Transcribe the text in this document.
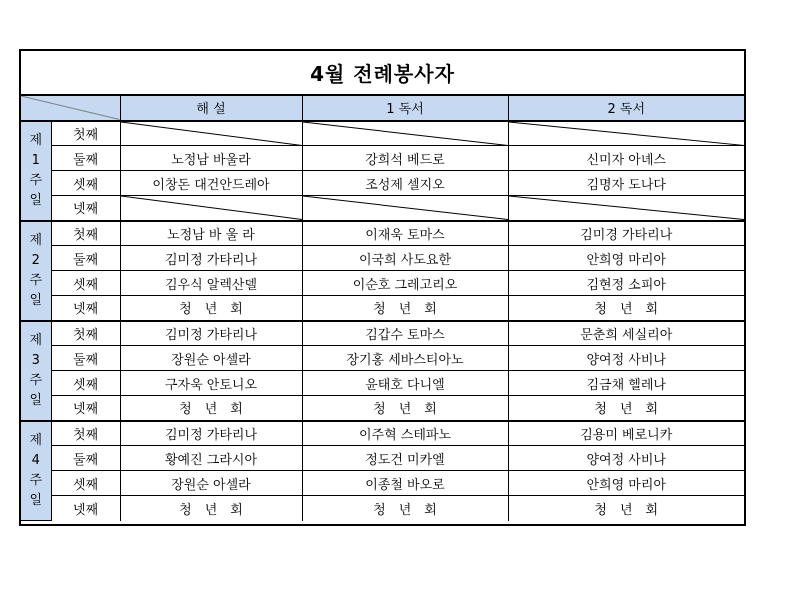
4월 전례봉사자
	해 설	1 독서	2 독서

제
1
주
일	첫째	

	둘째	노정남 바울라	강희석 베드로	신미자 아녜스
	셋째	이창돈 대건안드레아	조성제 셀지오	김명자 도나다
	넷째	

제
2
주
일	첫째	노정남 바 울 라	이재욱 토마스	김미경 가타리나
	둘째	김미정 가타리나	이국희 사도요한	안희영 마리아
	셋째	김우식 알렉산델	이순호 그레고리오	김현정 소피아
	넷째	청　년　회	청　년　회	청　년　회

제
3
주
일	첫째	김미정 가타리나	김갑수 토마스	문춘희 세실리아
	둘째	장원순 아셀라	장기홍 세바스티아노	양여정 사비나
	셋째	구자욱 안토니오	윤태호 다니엘	김금채 헬레나
	넷째	청　년　회	청　년　회	청　년　회

제
4
주
일	첫째	김미정 가타리나	이주혁 스테파노	김용미 베로니카
	둘째	황예진 그라시아	정도건 미카엘	양여정 사비나
	셋째	장원순 아셀라	이종철 바오로	안희영 마리아
	넷째	청　년　회	청　년　회	청　년　회
